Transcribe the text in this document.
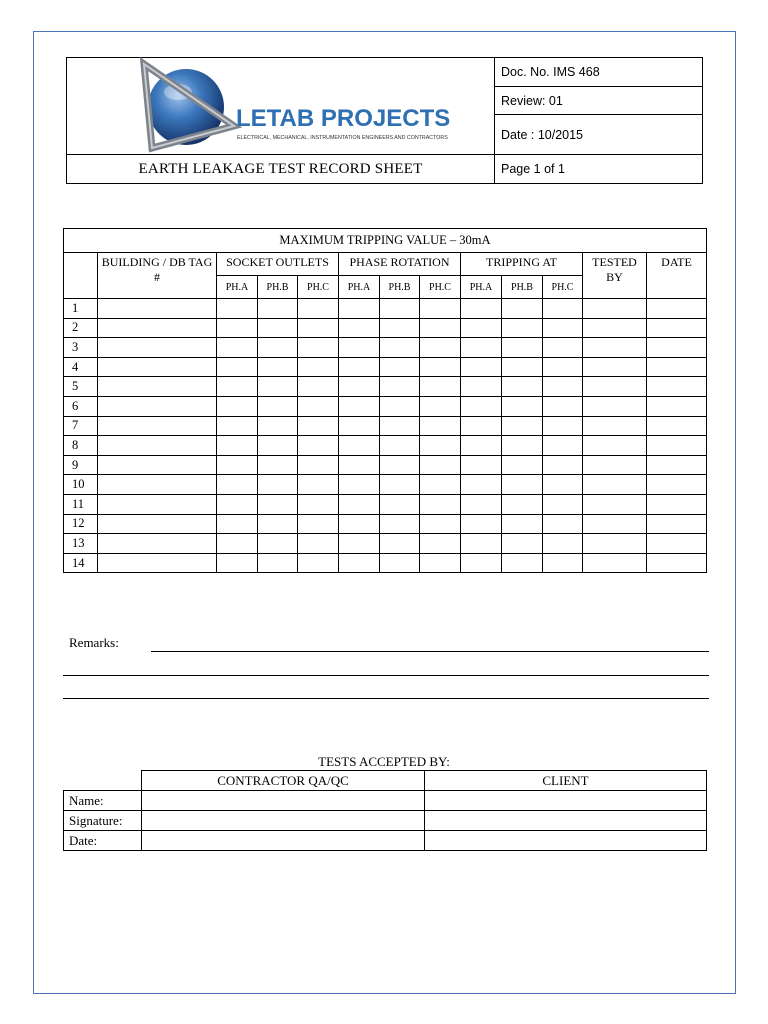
LETAB PROJECTS
ELECTRICAL, MECHANICAL, INSTRUMENTATION ENGINEERS AND CONTRACTORS
EARTH LEAKAGE TEST RECORD SHEET
Doc. No. IMS 468
Review: 01
Date : 10/2015
Page 1 of 1
MAXIMUM TRIPPING VALUE – 30mA												
	BUILDING / DB TAG #	SOCKET OUTLETS			PHASE ROTATION			TRIPPING AT			TESTED BY	DATE
		PH.A	PH.B	PH.C	PH.A	PH.B	PH.C	PH.A	PH.B	PH.C		
1												
2												
3												
4												
5												
6												
7												
8												
9												
10												
11												
12												
13												
14												
Remarks:
TESTS ACCEPTED BY:
	CONTRACTOR QA/QC	CLIENT
Name:		
Signature:		
Date:		
